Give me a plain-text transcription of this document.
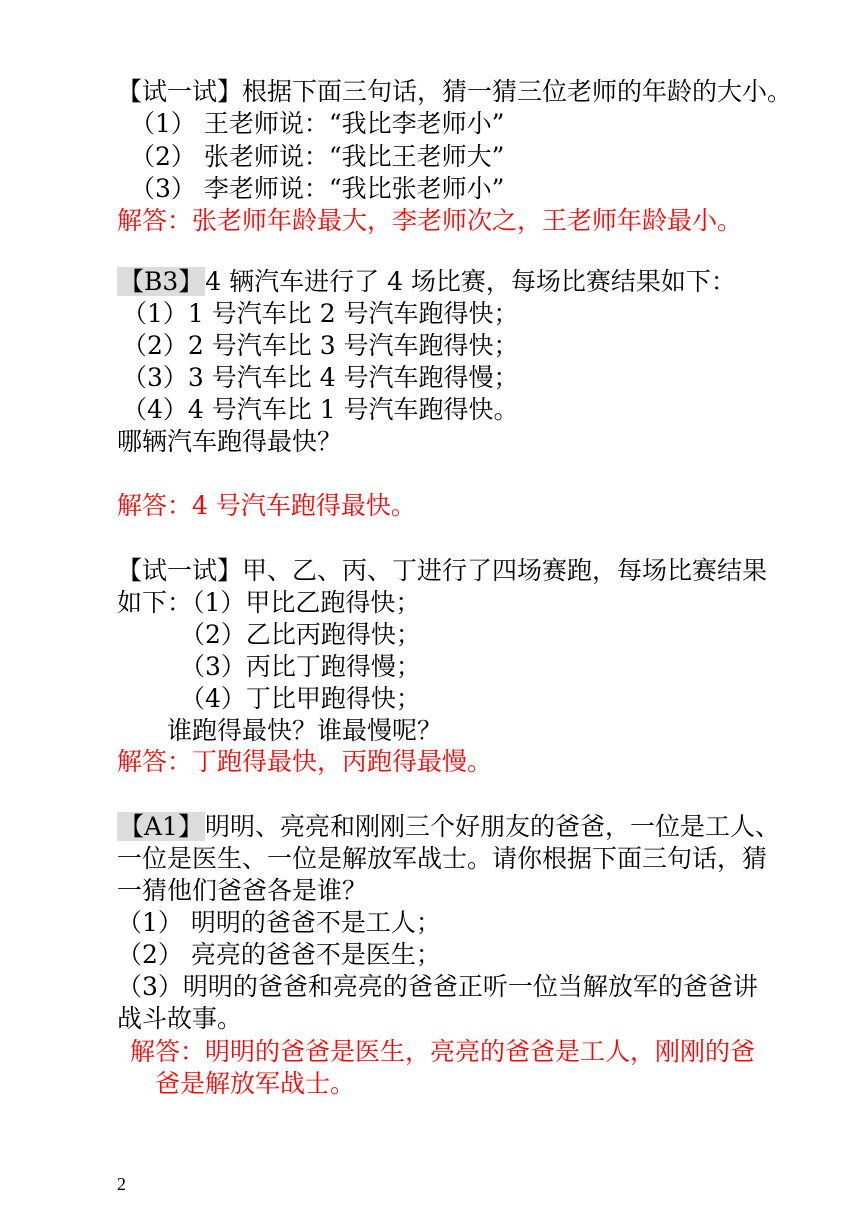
【试一试】根据下面三句话，猜一猜三位老师的年龄的大小。
（1） 王老师说：“我比李老师小”
（2） 张老师说：“我比王老师大”
（3） 李老师说：“我比张老师小”
解答：张老师年龄最大，李老师次之，王老师年龄最小。
【B3】4 辆汽车进行了 4 场比赛，每场比赛结果如下：
（1）1 号汽车比 2 号汽车跑得快；
（2）2 号汽车比 3 号汽车跑得快；
（3）3 号汽车比 4 号汽车跑得慢；
（4）4 号汽车比 1 号汽车跑得快。
哪辆汽车跑得最快？
解答：4 号汽车跑得最快。
【试一试】甲、乙、丙、丁进行了四场赛跑，每场比赛结果
如下：（1）甲比乙跑得快；
（2）乙比丙跑得快；
（3）丙比丁跑得慢；
（4）丁比甲跑得快；
谁跑得最快？谁最慢呢？
解答：丁跑得最快，丙跑得最慢。
【A1】明明、亮亮和刚刚三个好朋友的爸爸，一位是工人、
一位是医生、一位是解放军战士。请你根据下面三句话，猜
一猜他们爸爸各是谁？
（1） 明明的爸爸不是工人；
（2） 亮亮的爸爸不是医生；
（3）明明的爸爸和亮亮的爸爸正听一位当解放军的爸爸讲
战斗故事。
解答：明明的爸爸是医生，亮亮的爸爸是工人，刚刚的爸
爸是解放军战士。
2
